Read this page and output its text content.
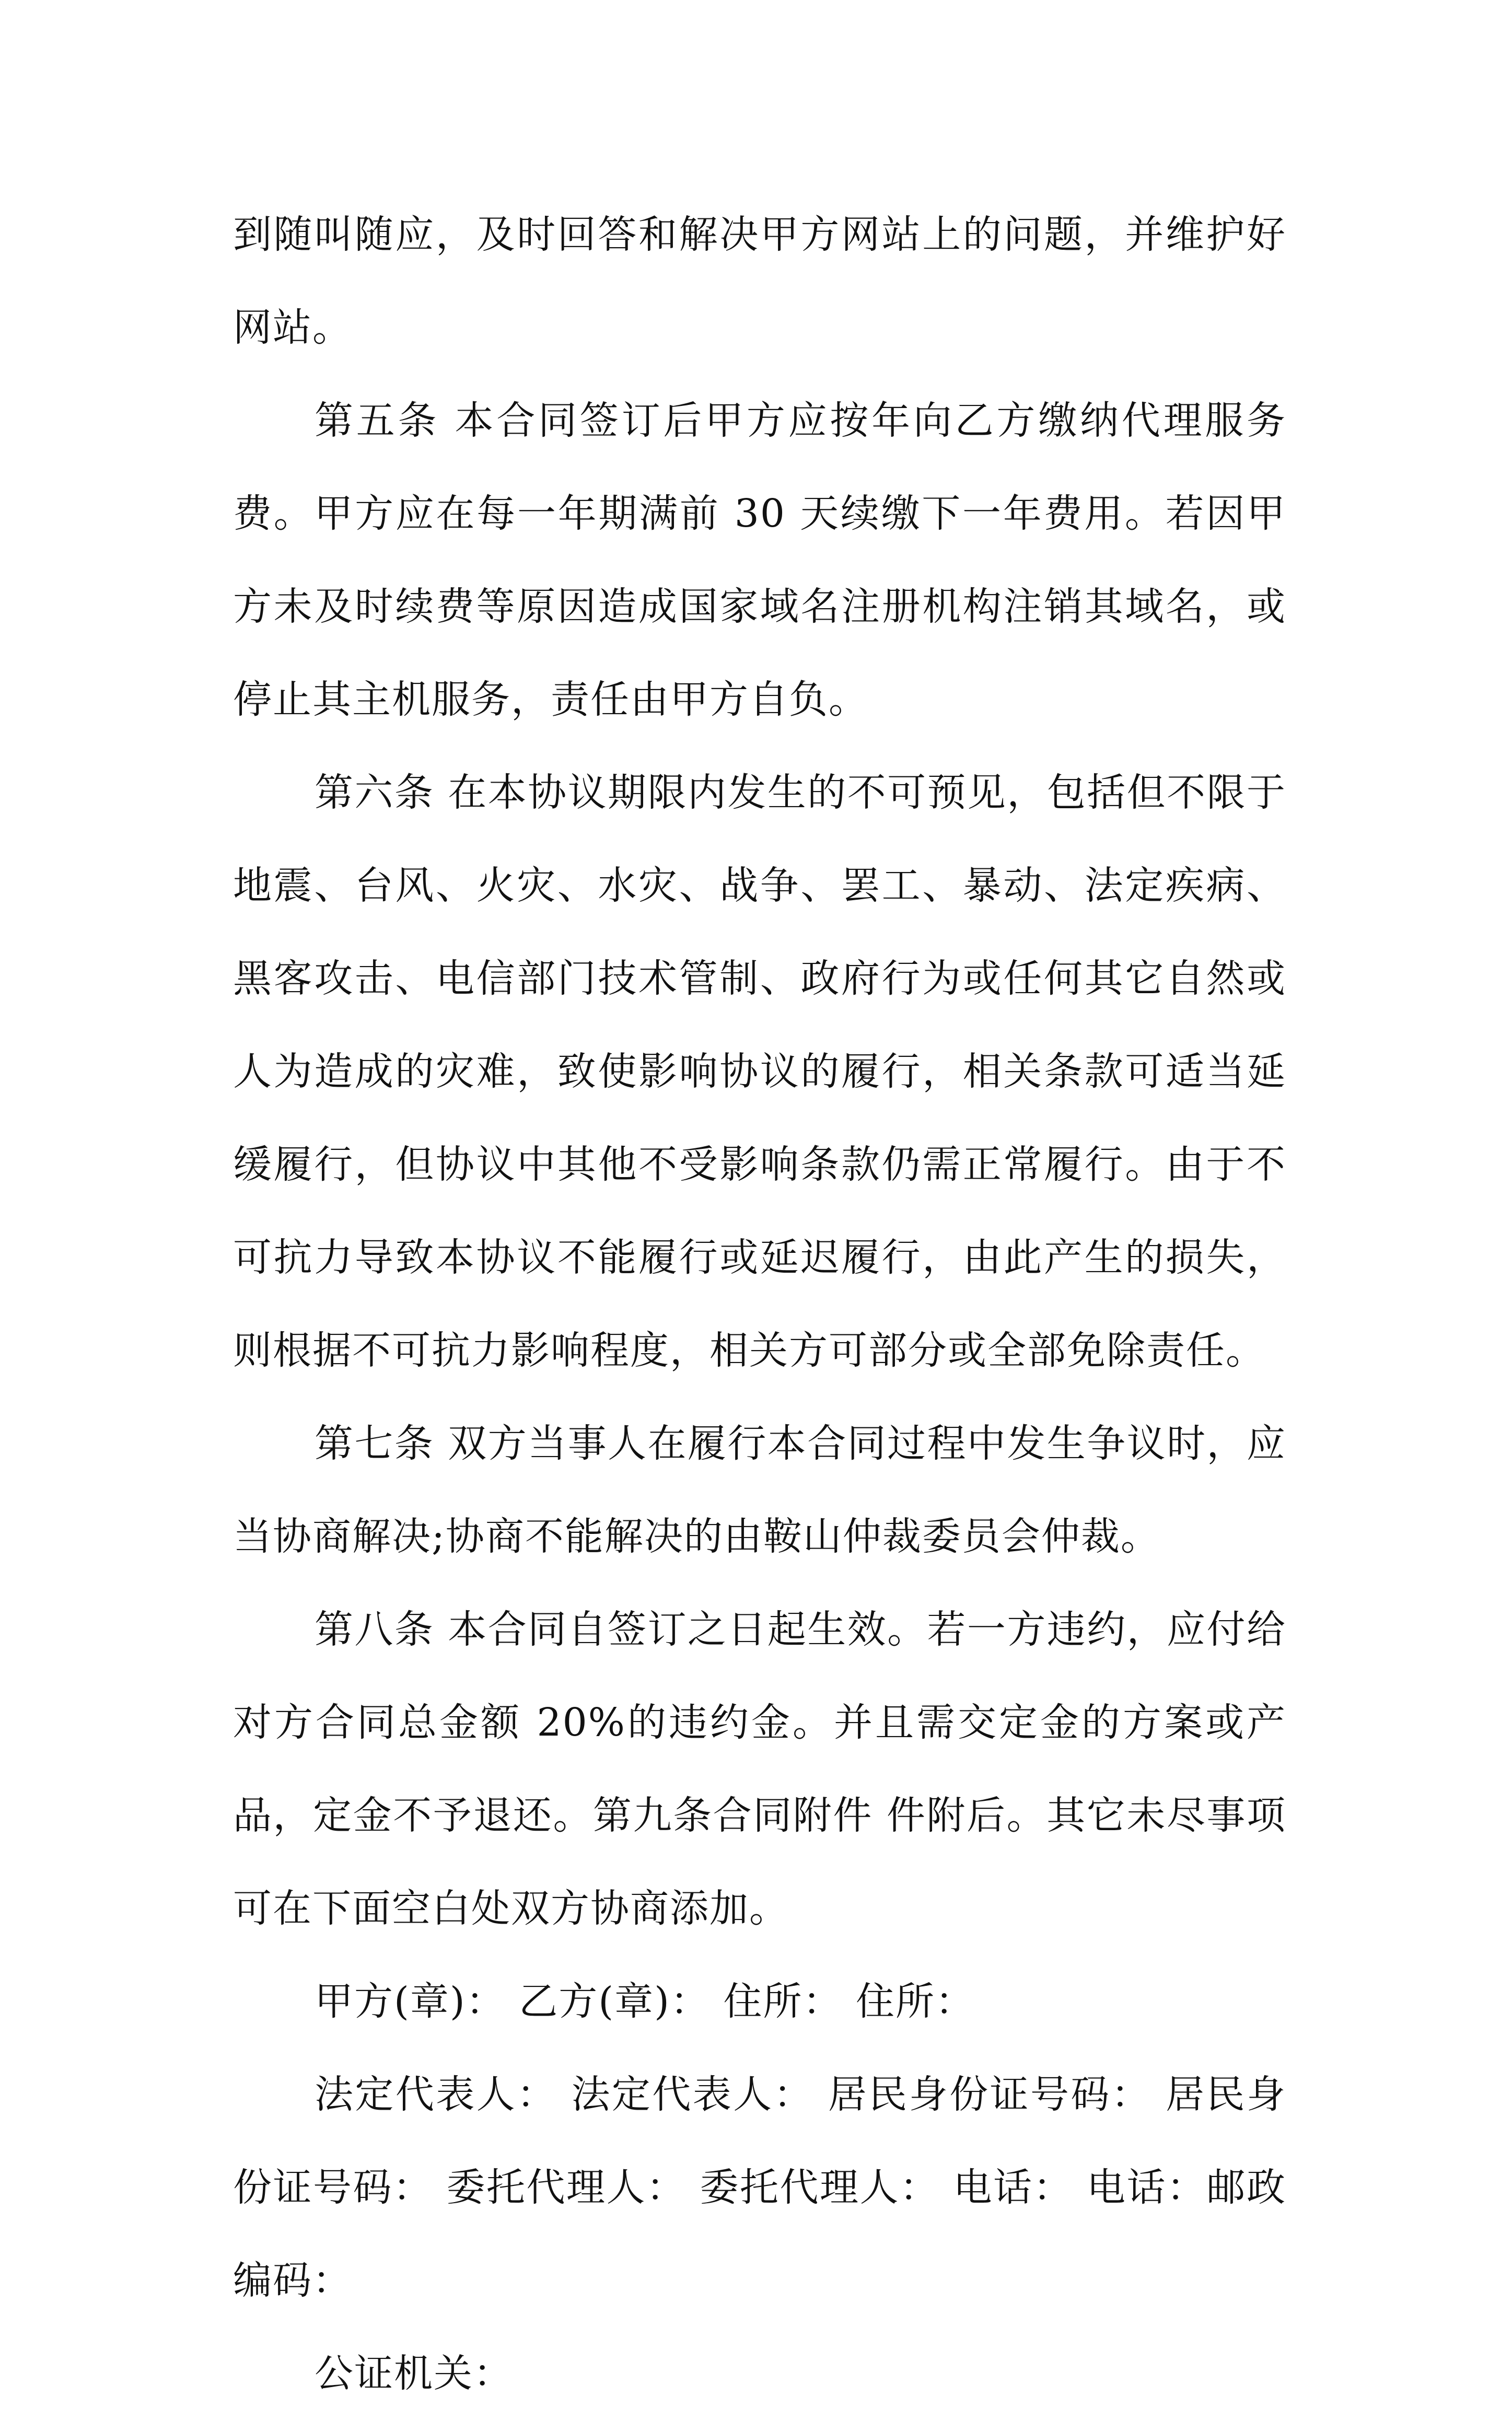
到随叫随应，及时回答和解决甲方网站上的问题，并维护好网站。

第五条 本合同签订后甲方应按年向乙方缴纳代理服务费。甲方应在每一年期满前 30 天续缴下一年费用。若因甲方未及时续费等原因造成国家域名注册机构注销其域名，或停止其主机服务，责任由甲方自负。

第六条 在本协议期限内发生的不可预见，包括但不限于地震、台风、火灾、水灾、战争、罢工、暴动、法定疾病、黑客攻击、电信部门技术管制、政府行为或任何其它自然或人为造成的灾难，致使影响协议的履行，相关条款可适当延缓履行，但协议中其他不受影响条款仍需正常履行。由于不可抗力导致本协议不能履行或延迟履行，由此产生的损失，则根据不可抗力影响程度，相关方可部分或全部免除责任。

第七条 双方当事人在履行本合同过程中发生争议时，应当协商解决;协商不能解决的由鞍山仲裁委员会仲裁。

第八条 本合同自签订之日起生效。若一方违约，应付给对方合同总金额 20%的违约金。并且需交定金的方案或产品，定金不予退还。第九条合同附件 件附后。其它未尽事项可在下面空白处双方协商添加。

甲方(章)： 乙方(章)： 住所： 住所：

法定代表人： 法定代表人： 居民身份证号码： 居民身份证号码： 委托代理人： 委托代理人： 电话： 电话：邮政编码：

公证机关：
